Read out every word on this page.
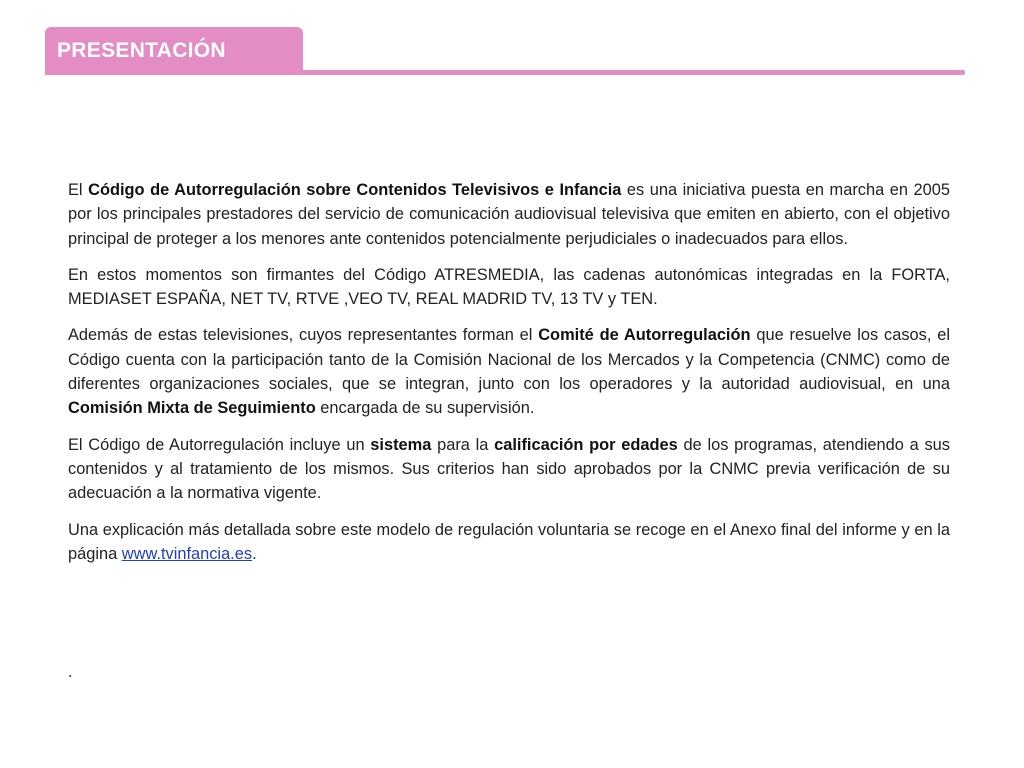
PRESENTACIÓN

El Código de Autorregulación sobre Contenidos Televisivos e Infancia es una iniciativa puesta en marcha en 2005 por los principales prestadores del servicio de comunicación audiovisual televisiva que emiten en abierto, con el objetivo principal de proteger a los menores ante contenidos potencialmente perjudiciales o inadecuados para ellos.

En estos momentos son firmantes del Código ATRESMEDIA, las cadenas autonómicas integradas en la FORTA, MEDIASET ESPAÑA, NET TV, RTVE ,VEO TV, REAL MADRID TV, 13 TV y TEN.

Además de estas televisiones, cuyos representantes forman el Comité de Autorregulación que resuelve los casos, el Código cuenta con la participación tanto de la Comisión Nacional de los Mercados y la Competencia (CNMC) como de diferentes organizaciones sociales, que se integran, junto con los operadores y la autoridad audiovisual, en una Comisión Mixta de Seguimiento encargada de su supervisión.

El Código de Autorregulación incluye un sistema para la calificación por edades de los programas, atendiendo a sus contenidos y al tratamiento de los mismos. Sus criterios han sido aprobados por la CNMC previa verificación de su adecuación a la normativa vigente.

Una explicación más detallada sobre este modelo de regulación voluntaria se recoge en el Anexo final del informe y en la página www.tvinfancia.es.

.
